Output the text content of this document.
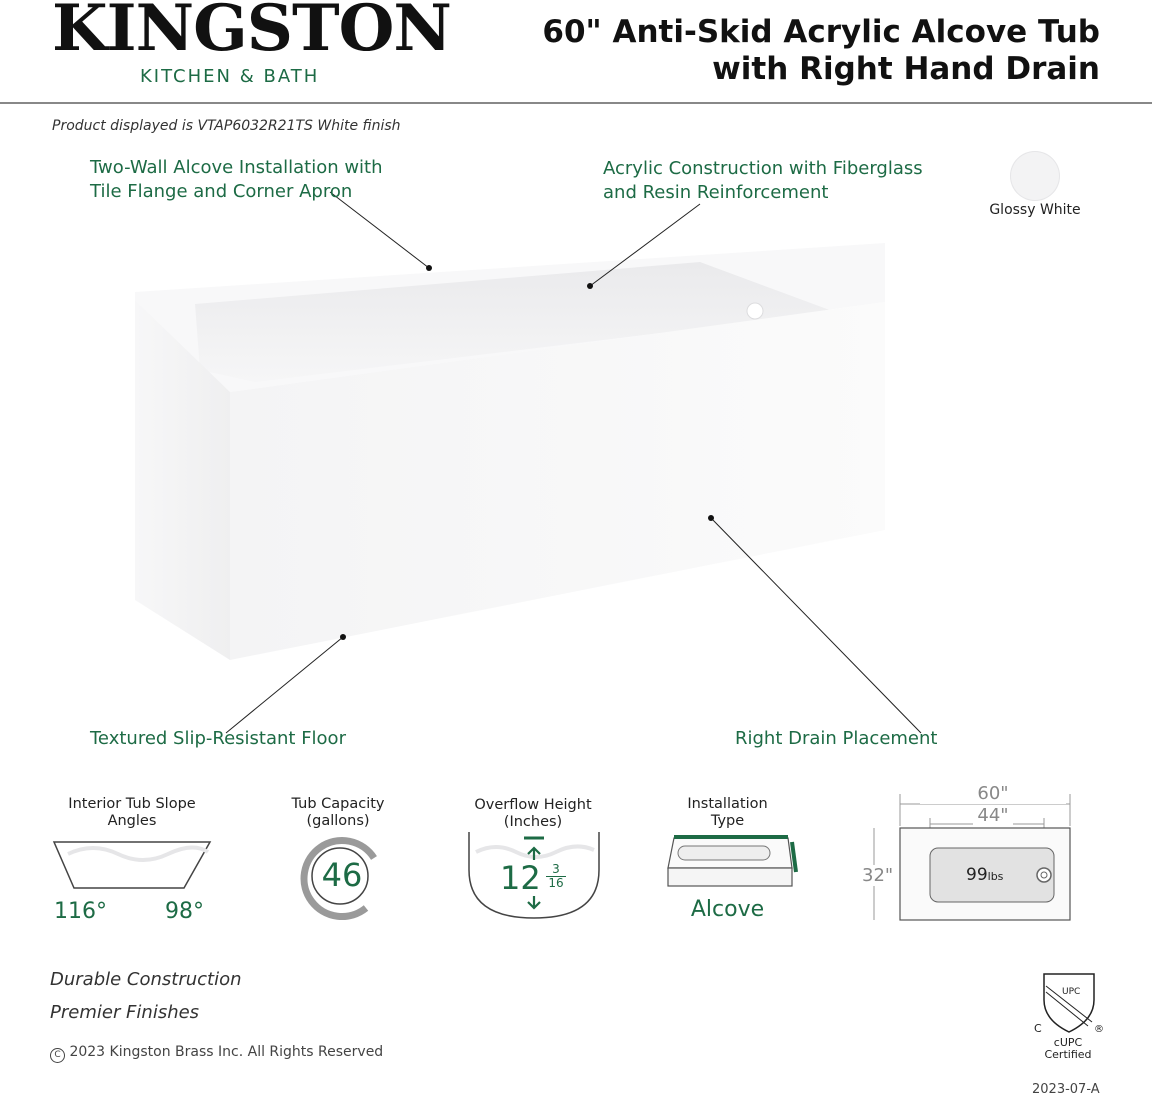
KINGSTON
KITCHEN & BATH
60" Anti-Skid Acrylic Alcove Tub
with Right Hand Drain
Product displayed is VTAP6032R21TS White finish
Two-Wall Alcove Installation with
Tile Flange and Corner Apron
Acrylic Construction with Fiberglass
and Resin Reinforcement
Textured Slip-Resistant Floor	Right Drain Placement
Glossy White
Interior Tub Slope
Angles
116°	98°
Tub Capacity
(gallons)
46
Overflow Height
(Inches)
$12 \frac{3}{16}$
Installation
Type
Alcove
60"
44"
32"	99lbs
Durable Construction
Premier Finishes
C 2023 Kingston Brass Inc. All Rights Reserved
UPC
C	®
cUPC
Certified
2023-07-A
